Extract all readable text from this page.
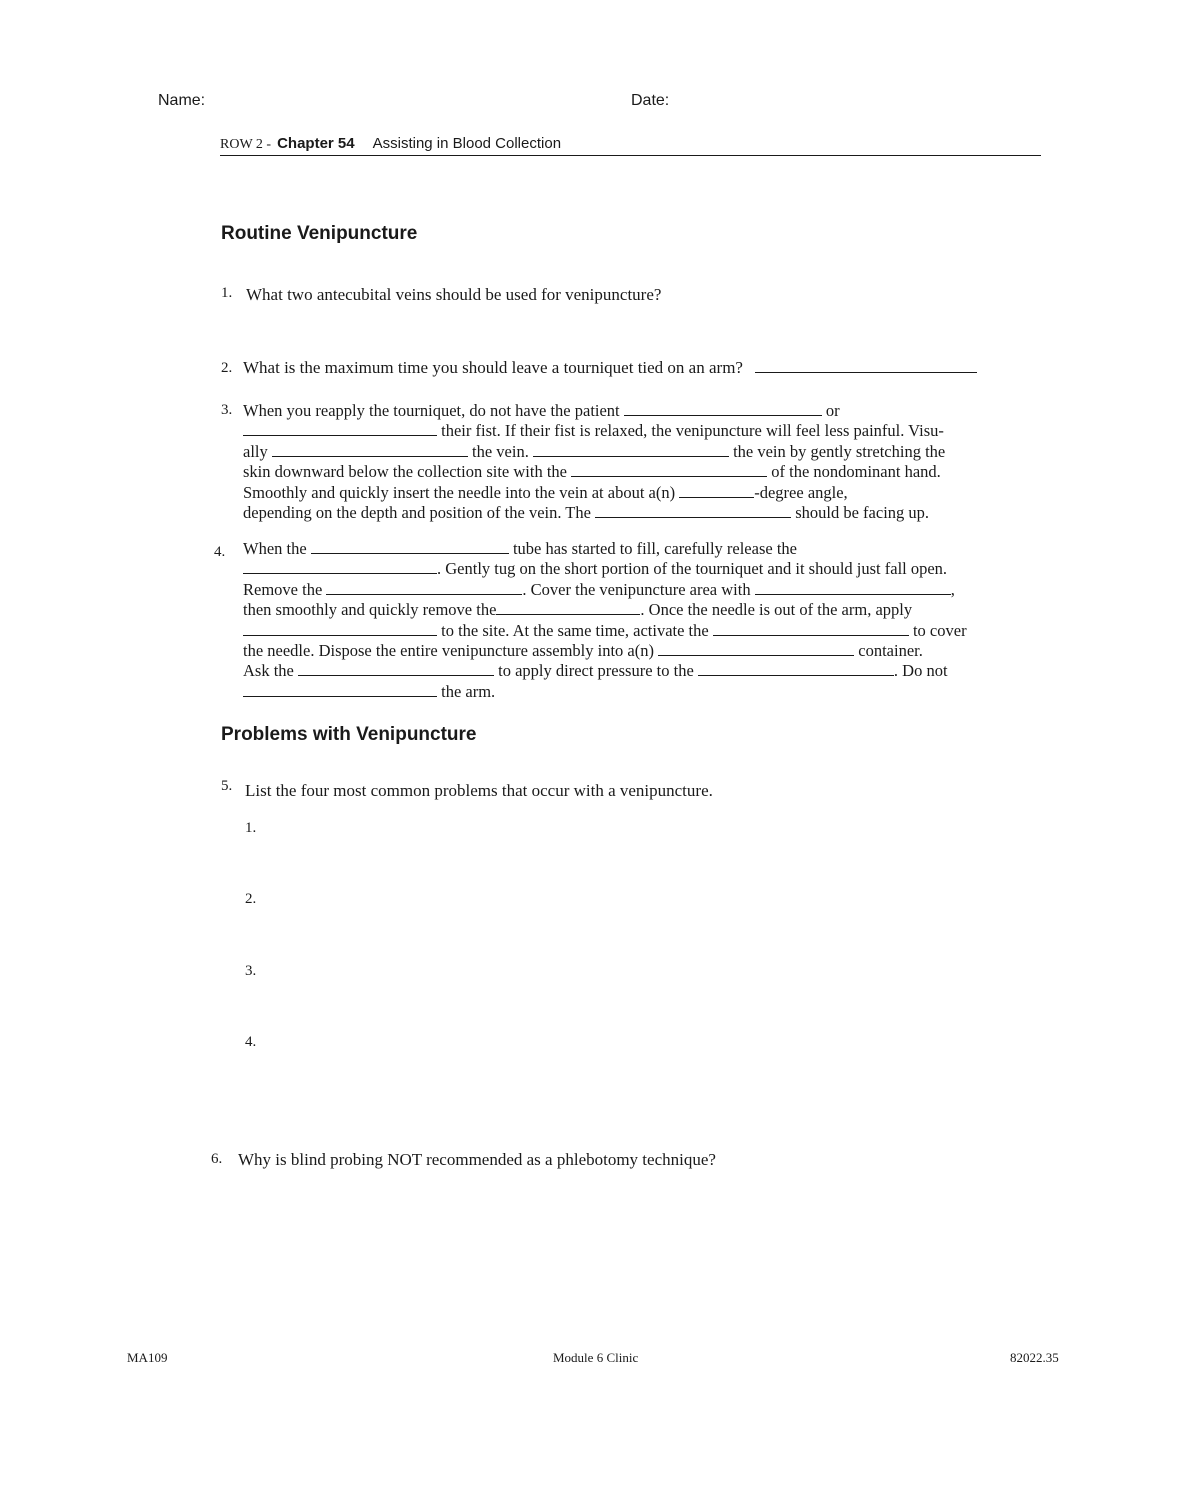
Name:	Date:
ROW 2 - Chapter 54 Assisting in Blood Collection
Routine Venipuncture
1. What two antecubital veins should be used for venipuncture?
2. What is the maximum time you should leave a tourniquet tied on an arm?
3. When you reapply the tourniquet, do not have the patient	or
their fist. If their fist is relaxed, the venipuncture will feel less painful. Visu-
ally	the vein.	the vein by gently stretching the
skin downward below the collection site with the	of the nondominant hand.
Smoothly and quickly insert the needle into the vein at about a(n)	-degree angle,
depending on the depth and position of the vein. The	should be facing up.
4. When the	tube has started to fill, carefully release the
. Gently tug on the short portion of the tourniquet and it should just fall open.
Remove the	. Cover the venipuncture area with	,
then smoothly and quickly remove the	. Once the needle is out of the arm, apply
to the site. At the same time, activate the	to cover
the needle. Dispose the entire venipuncture assembly into a(n)	container.
Ask the	to apply direct pressure to the	. Do not
the arm.
Problems with Venipuncture
5. List the four most common problems that occur with a venipuncture.
1.
2.
3.
4.
6. Why is blind probing NOT recommended as a phlebotomy technique?
MA109	Module 6 Clinic	82022.35
